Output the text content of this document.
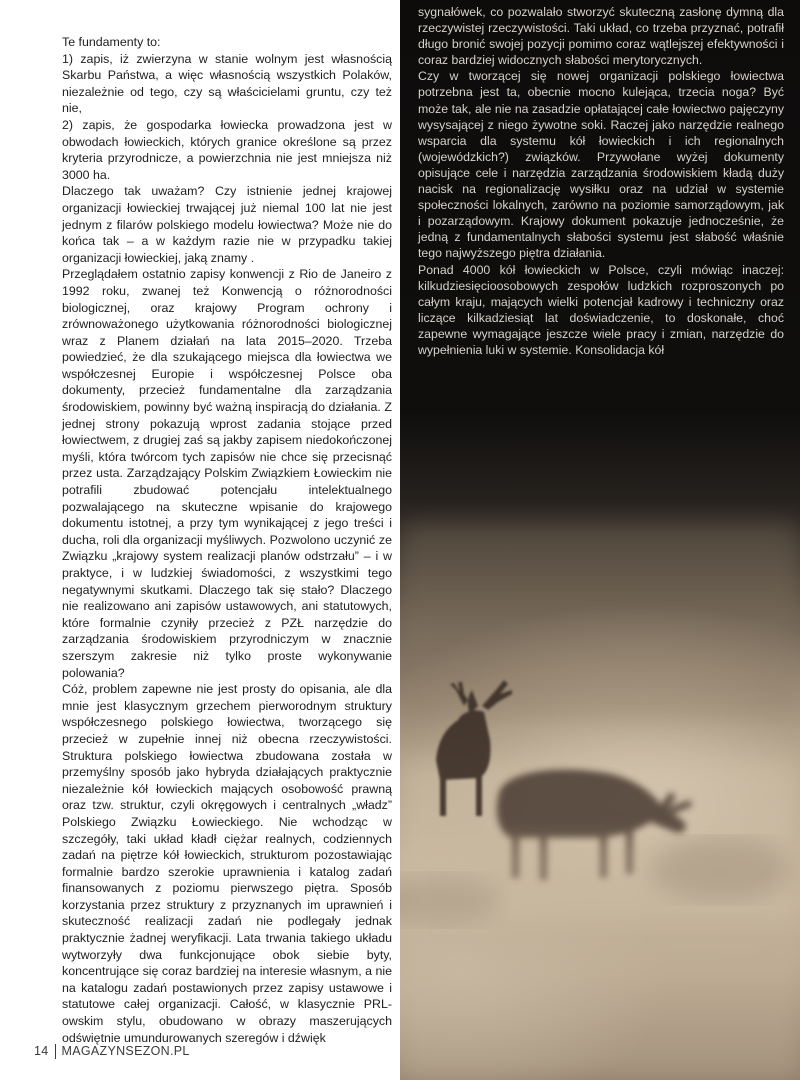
Te fundamenty to:

1) zapis, iż zwierzyna w stanie wolnym jest własnością Skarbu Państwa, a więc własnością wszystkich Polaków, niezależnie od tego, czy są właścicielami gruntu, czy też nie,

2) zapis, że gospodarka łowiecka prowadzona jest w obwodach łowieckich, których granice określone są przez kryteria przyrodnicze, a powierzchnia nie jest mniejsza niż 3000 ha.

Dlaczego tak uważam? Czy istnienie jednej krajowej organizacji łowieckiej trwającej już niemal 100 lat nie jest jednym z filarów polskiego modelu łowiectwa? Może nie do końca tak – a w każdym razie nie w przypadku takiej organizacji łowieckiej, jaką znamy .

Przeglądałem ostatnio zapisy konwencji z Rio de Janeiro z 1992 roku, zwanej też Konwencją o różnorodności biologicznej, oraz krajowy Program ochrony i zrównoważonego użytkowania różnorodności biologicznej wraz z Planem działań na lata 2015–2020. Trzeba powiedzieć, że dla szukającego miejsca dla łowiectwa we współczesnej Europie i współczesnej Polsce oba dokumenty, przecież fundamentalne dla zarządzania środowiskiem, powinny być ważną inspiracją do działania. Z jednej strony pokazują wprost zadania stojące przed łowiectwem, z drugiej zaś są jakby zapisem niedokończonej myśli, która twórcom tych zapisów nie chce się przecisnąć przez usta. Zarządzający Polskim Związkiem Łowieckim nie potrafili zbudować potencjału intelektualnego pozwalającego na skuteczne wpisanie do krajowego dokumentu istotnej, a przy tym wynikającej z jego treści i ducha, roli dla organizacji myśliwych. Pozwolono uczynić ze Związku „krajowy system realizacji planów odstrzału” – i w praktyce, i w ludzkiej świadomości, z wszystkimi tego negatywnymi skutkami. Dlaczego tak się stało? Dlaczego nie realizowano ani zapisów ustawowych, ani statutowych, które formalnie czyniły przecież z PZŁ narzędzie do zarządzania środowiskiem przyrodniczym w znacznie szerszym zakresie niż tylko proste wykonywanie polowania?

Cóż, problem zapewne nie jest prosty do opisania, ale dla mnie jest klasycznym grzechem pierworodnym struktury współczesnego polskiego łowiectwa, tworzącego się przecież w zupełnie innej niż obecna rzeczywistości. Struktura polskiego łowiectwa zbudowana została w przemyślny sposób jako hybryda działających praktycznie niezależnie kół łowieckich mających osobowość prawną oraz tzw. struktur, czyli okręgowych i centralnych „władz” Polskiego Związku Łowieckiego. Nie wchodząc w szczegóły, taki układ kładł ciężar realnych, codziennych zadań na piętrze kół łowieckich, strukturom pozostawiając formalnie bardzo szerokie uprawnienia i katalog zadań finansowanych z poziomu pierwszego piętra. Sposób korzystania przez struktury z przyznanych im uprawnień i skuteczność realizacji zadań nie podlegały jednak praktycznie żadnej weryfikacji. Lata trwania takiego układu wytworzyły dwa funkcjonujące obok siebie byty, koncentrujące się coraz bardziej na interesie własnym, a nie na katalogu zadań postawionych przez zapisy ustawowe i statutowe całej organizacji. Całość, w klasycznie PRL-owskim stylu, obudowano w obrazy maszerujących odświętnie umundurowanych szeregów i dźwięk

sygnałówek, co pozwalało stworzyć skuteczną zasłonę dymną dla rzeczywistej rzeczywistości. Taki układ, co trzeba przyznać, potrafił długo bronić swojej pozycji pomimo coraz wątlejszej efektywności i coraz bardziej widocznych słabości merytorycznych.

Czy w tworzącej się nowej organizacji polskiego łowiectwa potrzebna jest ta, obecnie mocno kulejąca, trzecia noga? Być może tak, ale nie na zasadzie opłatającej całe łowiectwo pajęczyny wysysającej z niego żywotne soki. Raczej jako narzędzie realnego wsparcia dla systemu kół łowieckich i ich regionalnych (wojewódzkich?) związków. Przywołane wyżej dokumenty opisujące cele i narzędzia zarządzania środowiskiem kładą duży nacisk na regionalizację wysiłku oraz na udział w systemie społeczności lokalnych, zarówno na poziomie samorządowym, jak i pozarządowym. Krajowy dokument pokazuje jednocześnie, że jedną z fundamentalnych słabości systemu jest słabość właśnie tego najwyższego piętra działania.

Ponad 4000 kół łowieckich w Polsce, czyli mówiąc inaczej: kilkudziesięcioosobowych zespołów ludzkich rozproszonych po całym kraju, mających wielki potencjał kadrowy i techniczny oraz liczące kilkadziesiąt lat doświadczenie, to doskonałe, choć zapewne wymagające jeszcze wiele pracy i zmian, narzędzie do wypełnienia luki w systemie. Konsolidacja kół

14 MAGAZYNSEZON.PL
